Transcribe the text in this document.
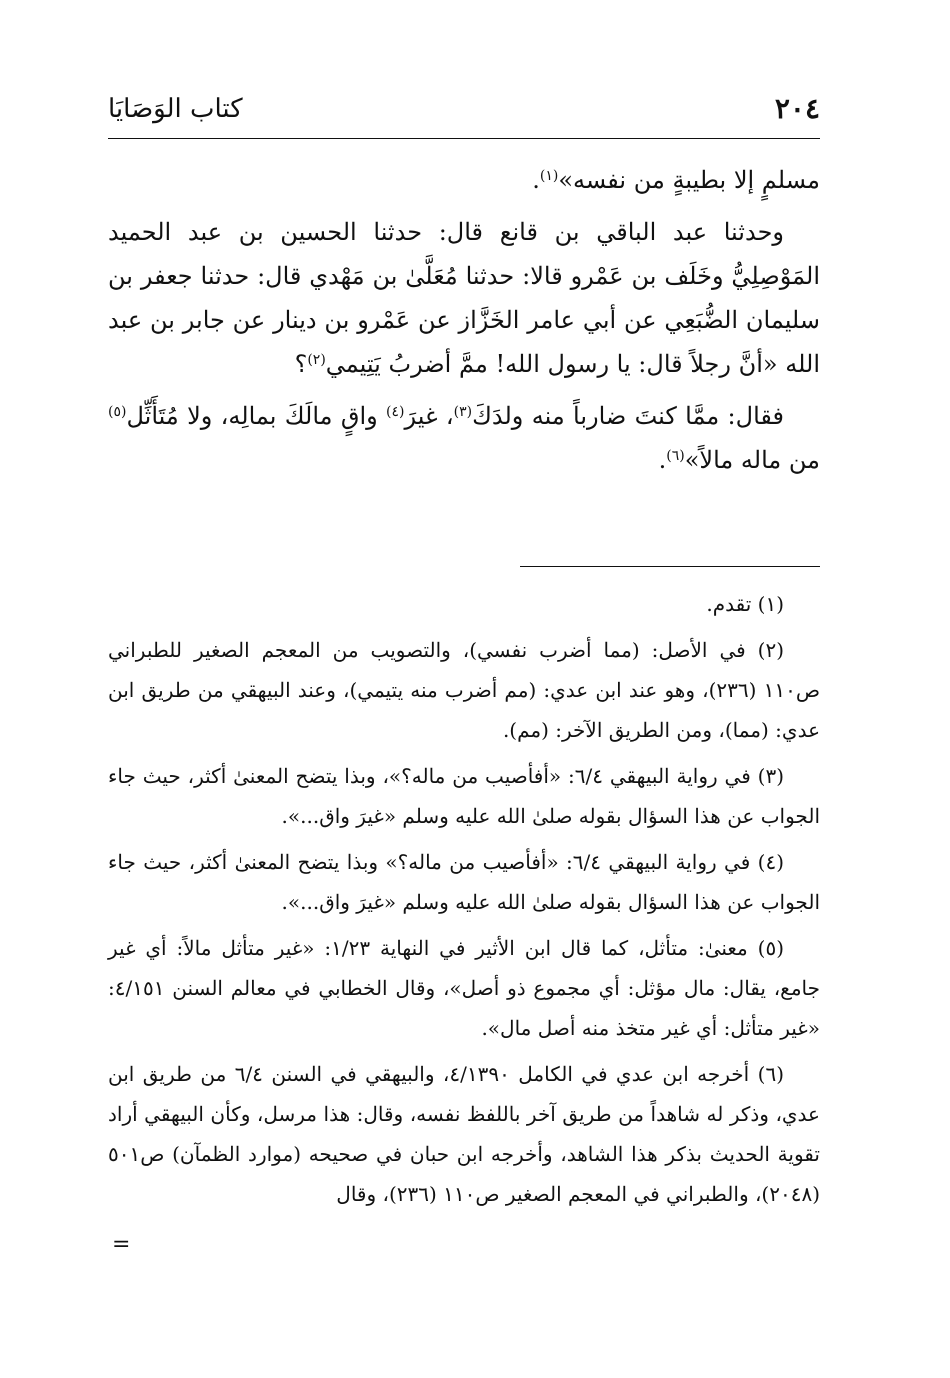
٢٠٤
كتاب الوَصَايَا

مسلمٍ إلا بطيبةٍ من نفسه»$^{(١)}$.

وحدثنا عبد الباقي بن قانع قال: حدثنا الحسين بن عبد الحميد المَوْصِلِيُّ وخَلَف بن عَمْرو قالا: حدثنا مُعَلَّىٰ بن مَهْدي قال: حدثنا جعفر بن سليمان الضُّبَعِي عن أبي عامر الخَزَّاز عن عَمْرو بن دينار عن جابر بن عبد الله «أنَّ رجلاً قال: يا رسول الله! ممَّ أضربُ يَتِيمي$^{(٢)}$؟

فقال: ممَّا كنتَ ضارباً منه ولدَكَ$^{(٣)}$، غيرَ$^{(٤)}$ واقٍ مالَكَ بمالِه، ولا مُتَأَثِّل$^{(٥)}$ من ماله مالاً»$^{(٦)}$.

(١) تقدم.

(٢) في الأصل: (مما أضرب نفسي)، والتصويب من المعجم الصغير للطبراني ص١١٠ (٢٣٦)، وهو عند ابن عدي: (مم أضرب منه يتيمي)، وعند البيهقي من طريق ابن عدي: (مما)، ومن الطريق الآخر: (مم).

(٣) في رواية البيهقي ٦/٤: «أفأصيب من ماله؟»، وبذا يتضح المعنىٰ أكثر، حيث جاء الجواب عن هذا السؤال بقوله صلىٰ الله عليه وسلم «غيرَ واق...».

(٤) في رواية البيهقي ٦/٤: «أفأصيب من ماله؟» وبذا يتضح المعنىٰ أكثر، حيث جاء الجواب عن هذا السؤال بقوله صلىٰ الله عليه وسلم «غيرَ واق...».

(٥) معنىٰ: متأثل، كما قال ابن الأثير في النهاية ١/٢٣: «غير متأثل مالاً: أي غير جامع، يقال: مال مؤثل: أي مجموع ذو أصل»، وقال الخطابي في معالم السنن ٤/١٥١: «غير متأثل: أي غير متخذ منه أصل مال».

(٦) أخرجه ابن عدي في الكامل ٤/١٣٩٠، والبيهقي في السنن ٦/٤ من طريق ابن عدي، وذكر له شاهداً من طريق آخر باللفظ نفسه، وقال: هذا مرسل، وكأن البيهقي أراد تقوية الحديث بذكر هذا الشاهد، وأخرجه ابن حبان في صحيحه (موارد الظمآن) ص٥٠١ (٢٠٤٨)، والطبراني في المعجم الصغير ص١١٠ (٢٣٦)، وقال

=
